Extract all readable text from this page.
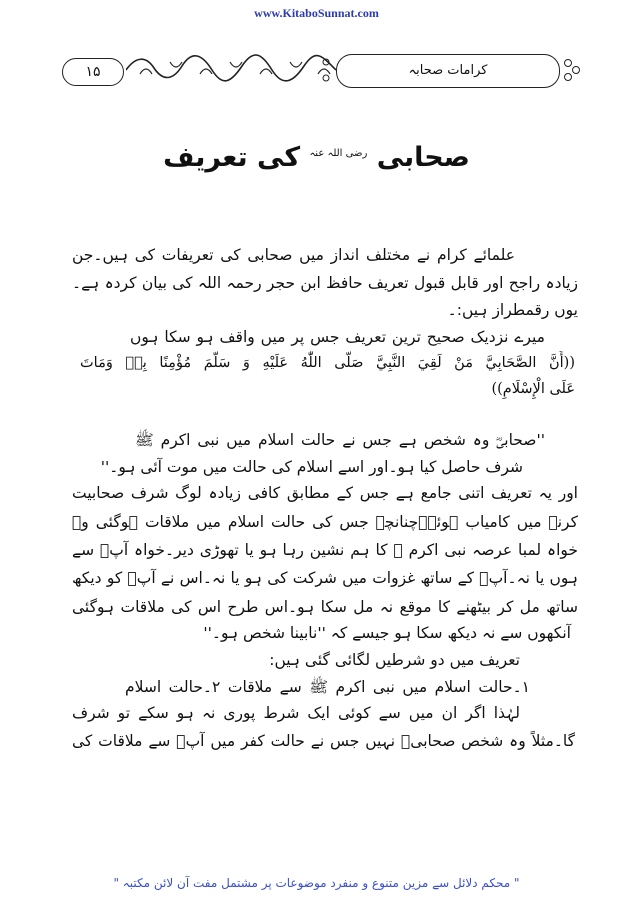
www.KitaboSunnat.com
۱۵	کرامات صحابہ
صحابی $^{رضی اللہ عنہ}$ کی تعریف
علمائے کرام نے مختلف انداز میں صحابی کی تعریفات کی ہیں۔جن
زیادہ راجح اور قابل قبول تعریف حافظ ابن حجر رحمہ اللہ کی بیان کردہ ہے۔
یوں رقمطراز ہیں:۔
میرے نزدیک صحیح ترین تعریف جس پر میں واقف ہو سکا ہوں
((أَنَّ الصَّحَابِيَّ مَنْ لَقِيَ النَّبِيَّ صَلَّى اللّٰهُ عَلَيْهِ وَ سَلَّمَ مُؤْمِنًا بِهٖ وَمَاتَ
عَلَى الْإِسْلَامِ))
''صحابیؓ وہ شخص ہے جس نے حالت اسلام میں نبی اکرم ﷺ
شرف حاصل کیا ہو۔اور اسے اسلام کی حالت میں موت آئی ہو۔''
اور یہ تعریف اتنی جامع ہے جس کے مطابق کافی زیادہ لوگ شرف صحابیت
کرنے میں کامیاب ہوئے۔چنانچہ جس کی حالت اسلام میں ملاقات ہوگئی وہ
خواہ لمبا عرصہ نبی اکرم ﷺ کا ہم نشین رہا ہو یا تھوڑی دیر۔خواہ آپؐ سے
ہوں یا نہ۔آپؐ کے ساتھ غزوات میں شرکت کی ہو یا نہ۔اس نے آپؐ کو دیکھ
ساتھ مل کر بیٹھنے کا موقع نہ مل سکا ہو۔اس طرح اس کی ملاقات ہوگئی
آنکھوں سے نہ دیکھ سکا ہو جیسے کہ ''نابینا شخص ہو۔''
تعریف میں دو شرطیں لگائی گئی ہیں:
۱۔حالت اسلام میں نبی اکرم ﷺ سے ملاقات ۲۔حالت اسلام
لہٰذا اگر ان میں سے کوئی ایک شرط پوری نہ ہو سکے تو شرف
گا۔مثلاً وہ شخص صحابیؓ نہیں جس نے حالت کفر میں آپؐ سے ملاقات کی
" محکم دلائل سے مزین متنوع و منفرد موضوعات پر مشتمل مفت آن لائن مکتبہ "
